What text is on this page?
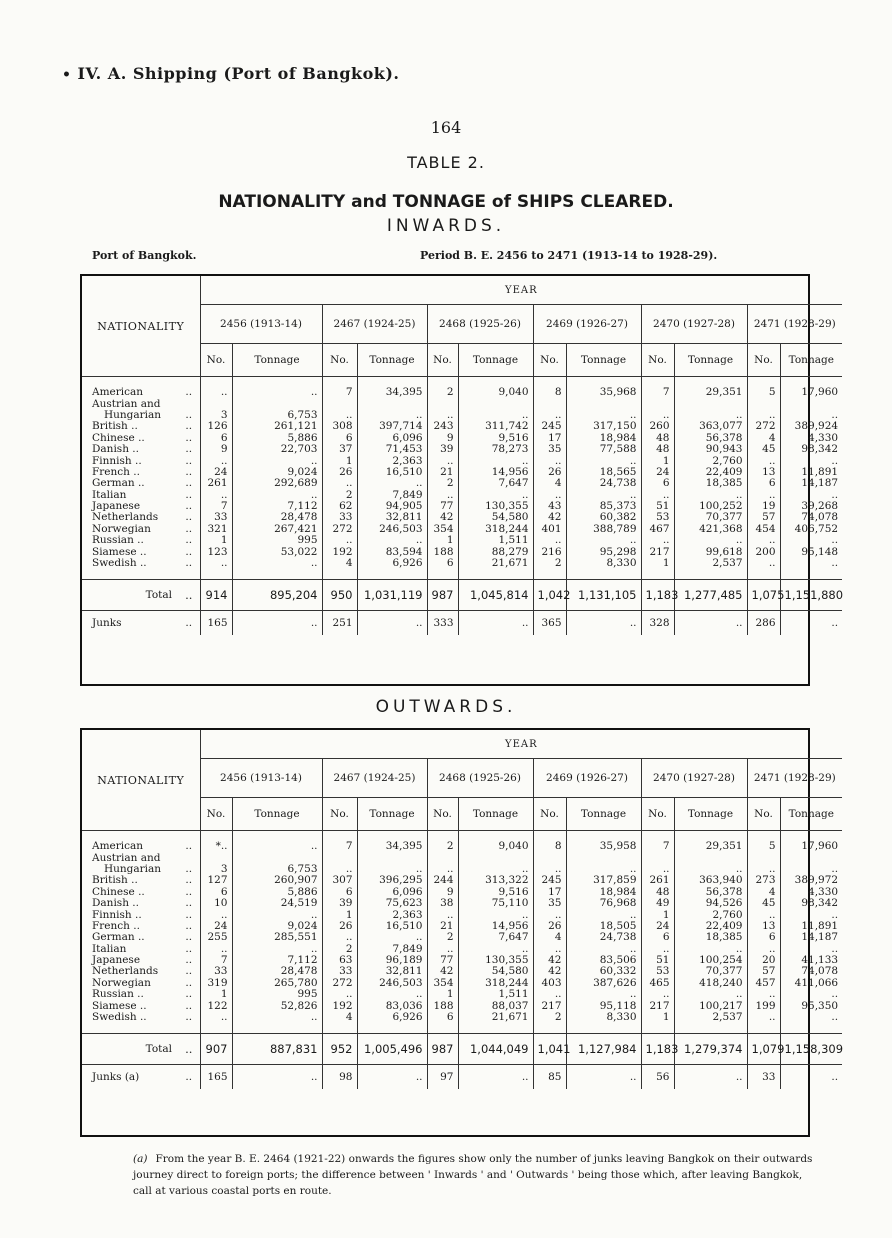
• IV. A. Shipping (Port of Bangkok).
164
TABLE 2.
NATIONALITY and TONNAGE of SHIPS CLEARED.
INWARDS.
Port of Bangkok.	Period B. E. 2456 to 2471 (1913-14 to 1928-29).
NATIONALITY		YEAR											
		2456 (1913-14)		2467 (1924-25)		2468 (1925-26)		2469 (1926-27)		2470 (1927-28)		2471 (1928-29)	
		No.	Tonnage	No.	Tonnage	No.	Tonnage	No.	Tonnage	No.	Tonnage	No.	Tonnage

American	..	..	..	7	34,395	2	9,040	8	35,968	7	29,351	5	17,960
Austrian and													
Hungarian	..	3	6,753	..	..	..	..	..	..	..	..	..	..
British ..	..	126	261,121	308	397,714	243	311,742	245	317,150	260	363,077	272	389,924
Chinese ..	..	6	5,886	6	6,096	9	9,516	17	18,984	48	56,378	4	4,330
Danish ..	..	9	22,703	37	71,453	39	78,273	35	77,588	48	90,943	45	98,342
Finnish ..	..	..	..	1	2,363	..	..	..	..	1	2,760	..	..
French ..	..	24	9,024	26	16,510	21	14,956	26	18,565	24	22,409	13	11,891
German ..	..	261	292,689	..	..	2	7,647	4	24,738	6	18,385	6	14,187
Italian	..	..	..	2	7,849	..	..	..	..	..	..	..	..
Japanese	..	7	7,112	62	94,905	77	130,355	43	85,373	51	100,252	19	39,268
Netherlands	..	33	28,478	33	32,811	42	54,580	42	60,382	53	70,377	57	74,078
Norwegian	..	321	267,421	272	246,503	354	318,244	401	388,789	467	421,368	454	406,752
Russian ..	..	1	995	..	..	1	1,511	..	..	..	..	..	..
Siamese ..	..	123	53,022	192	83,594	188	88,279	216	95,298	217	99,618	200	95,148
Swedish ..	..	..	..	4	6,926	6	21,671	2	8,330	1	2,537	..	..

Total	..	914	895,204	950	1,031,119	987	1,045,814	1,042	1,131,105	1,183	1,277,485	1,075	1,151,880
Junks	..	165	..	251	..	333	..	365	..	328	..	286	..
OUTWARDS.
NATIONALITY		YEAR											
		2456 (1913-14)		2467 (1924-25)		2468 (1925-26)		2469 (1926-27)		2470 (1927-28)		2471 (1928-29)	
		No.	Tonnage	No.	Tonnage	No.	Tonnage	No.	Tonnage	No.	Tonnage	No.	Tonnage

American	..	*..	..	7	34,395	2	9,040	8	35,958	7	29,351	5	17,960
Austrian and													
Hungarian	..	3	6,753	..	..	..	..	..	..	..	..	..	..
British ..	..	127	260,907	307	396,295	244	313,322	245	317,859	261	363,940	273	389,972
Chinese ..	..	6	5,886	6	6,096	9	9,516	17	18,984	48	56,378	4	4,330
Danish ..	..	10	24,519	39	75,623	38	75,110	35	76,968	49	94,526	45	98,342
Finnish ..	..	..	..	1	2,363	..	..	..	..	1	2,760	..	..
French ..	..	24	9,024	26	16,510	21	14,956	26	18,505	24	22,409	13	11,891
German ..	..	255	285,551	..	..	2	7,647	4	24,738	6	18,385	6	14,187
Italian	..	..	..	2	7,849	..	..	..	..	..	..	..	..
Japanese	..	7	7,112	63	96,189	77	130,355	42	83,506	51	100,254	20	41,133
Netherlands	..	33	28,478	33	32,811	42	54,580	42	60,332	53	70,377	57	74,078
Norwegian	..	319	265,780	272	246,503	354	318,244	403	387,626	465	418,240	457	411,066
Russian ..	..	1	995	..	..	1	1,511	..	..	..	..	..	..
Siamese ..	..	122	52,826	192	83,036	188	88,037	217	95,118	217	100,217	199	95,350
Swedish ..	..	..	..	4	6,926	6	21,671	2	8,330	1	2,537	..	..

Total	..	907	887,831	952	1,005,496	987	1,044,049	1,041	1,127,984	1,183	1,279,374	1,079	1,158,309
Junks (a)	..	165	..	98	..	97	..	85	..	56	..	33	..
(a) From the year B. E. 2464 (1921-22) onwards the figures show only the number of junks leaving Bangkok on their outwards journey direct to foreign ports; the difference between ' Inwards ' and ' Outwards ' being those which, after leaving Bangkok, call at various coastal ports en route.
